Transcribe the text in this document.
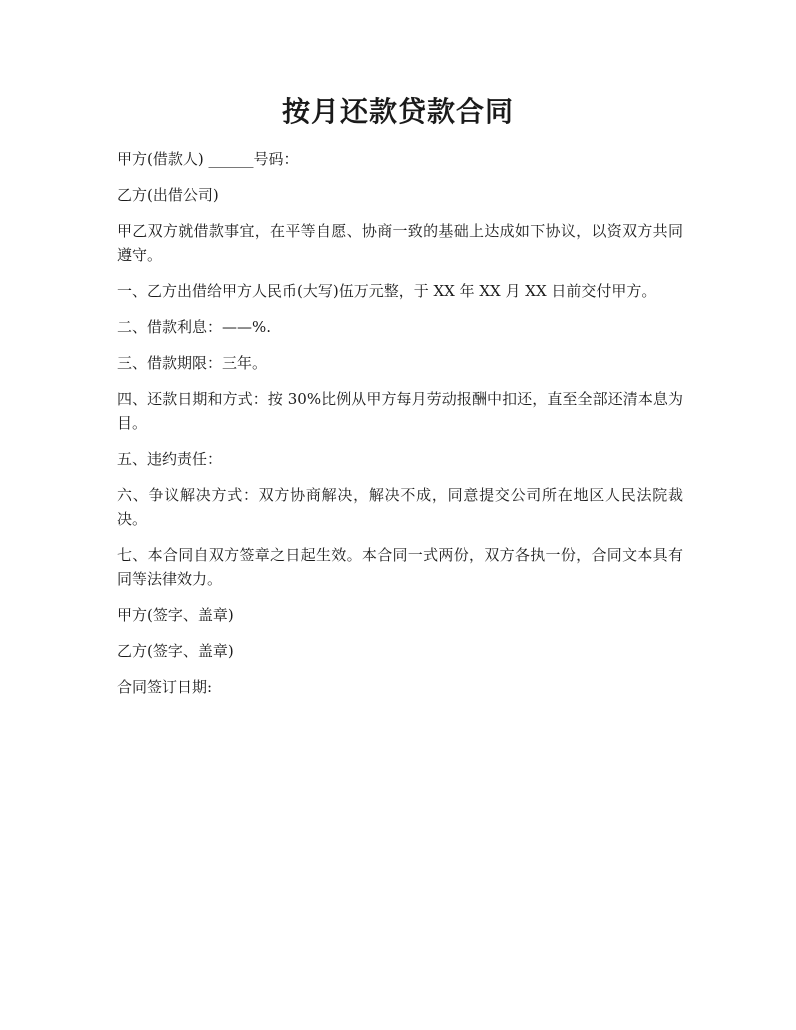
按月还款贷款合同

甲方(借款人) ______号码：

乙方(出借公司)

甲乙双方就借款事宜，在平等自愿、协商一致的基础上达成如下协议，以资双方共同遵守。

一、乙方出借给甲方人民币(大写)伍万元整，于 XX 年 XX 月 XX 日前交付甲方。

二、借款利息：——%.

三、借款期限：三年。

四、还款日期和方式：按 30%比例从甲方每月劳动报酬中扣还，直至全部还清本息为目。

五、违约责任：

六、争议解决方式：双方协商解决，解决不成，同意提交公司所在地区人民法院裁决。

七、本合同自双方签章之日起生效。本合同一式两份，双方各执一份，合同文本具有同等法律效力。

甲方(签字、盖章)

乙方(签字、盖章)

合同签订日期:
